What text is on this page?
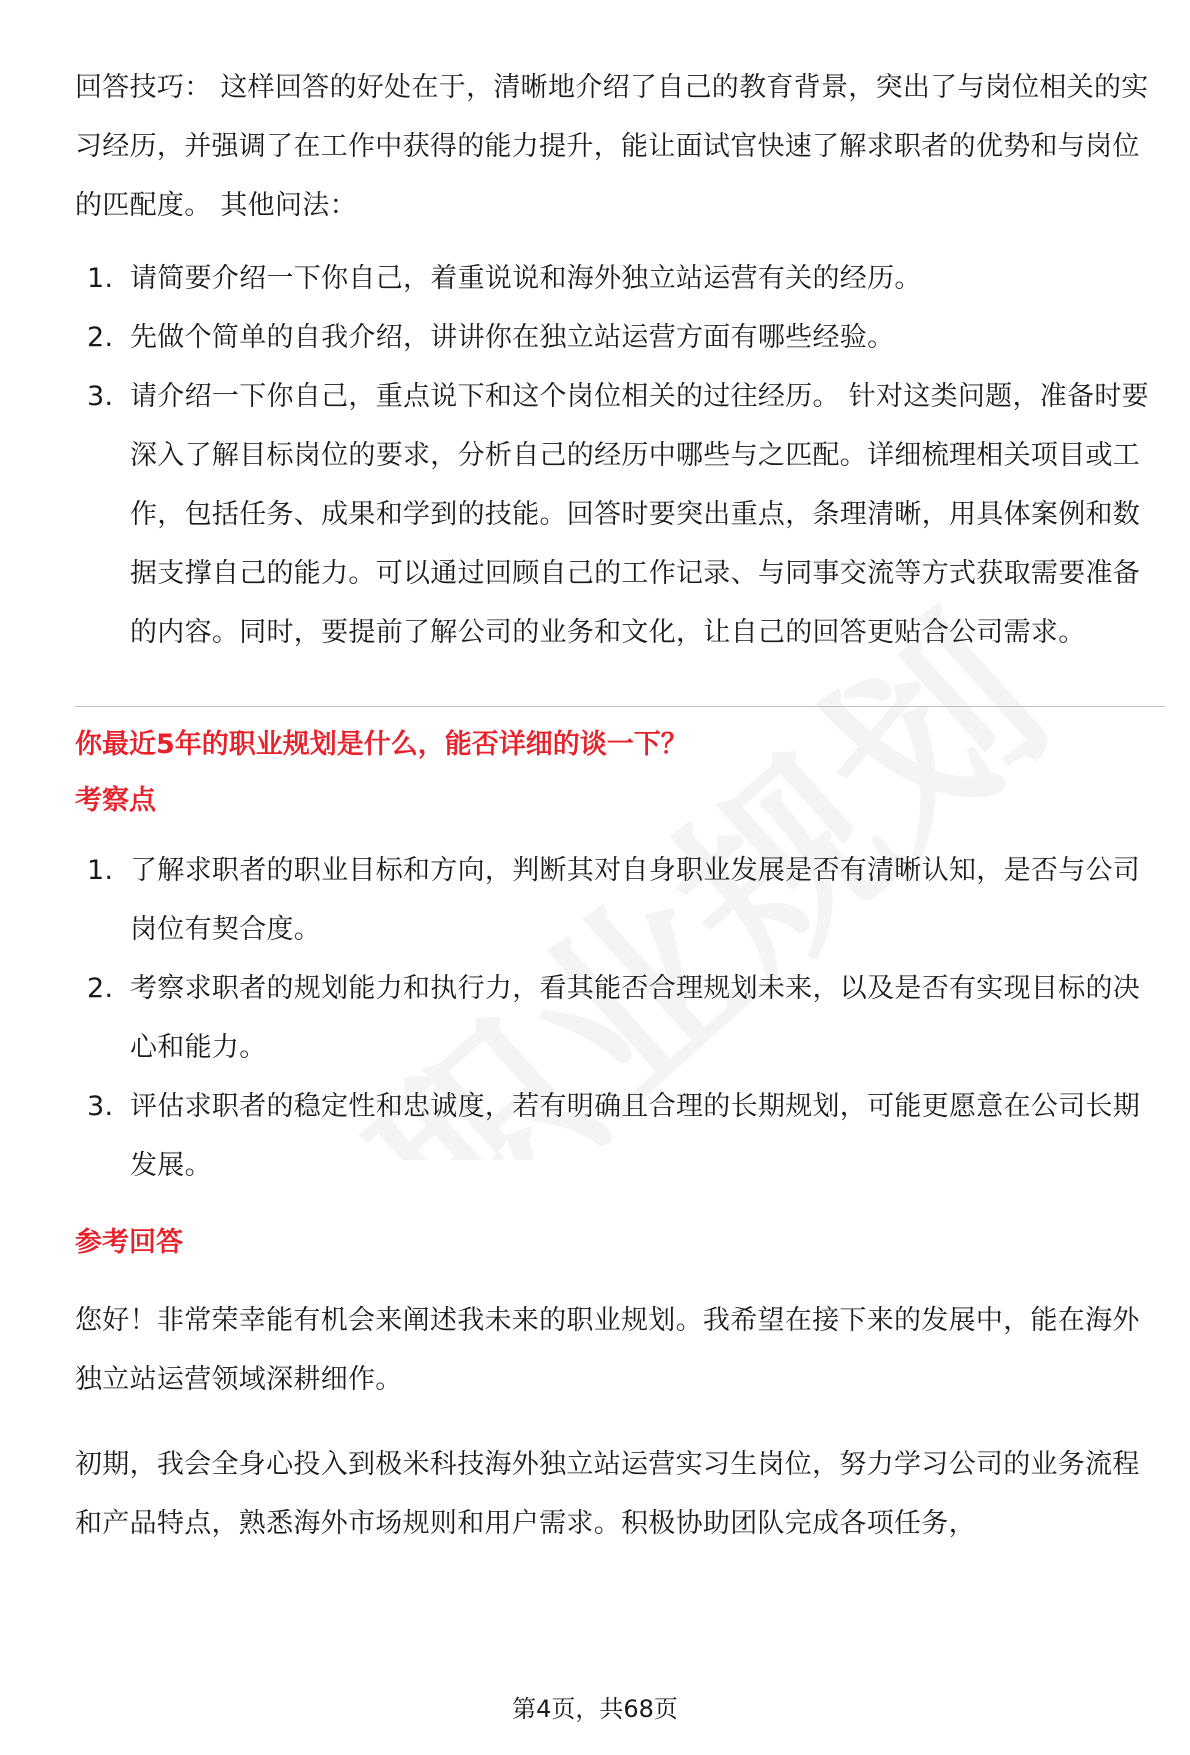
回答技巧： 这样回答的好处在于，清晰地介绍了自己的教育背景，突出了与岗位相关的实习经历，并强调了在工作中获得的能力提升，能让面试官快速了解求职者的优势和与岗位的匹配度。 其他问法：

1. 请简要介绍一下你自己，着重说说和海外独立站运营有关的经历。
2. 先做个简单的自我介绍，讲讲你在独立站运营方面有哪些经验。
3. 请介绍一下你自己，重点说下和这个岗位相关的过往经历。 针对这类问题，准备时要深入了解目标岗位的要求，分析自己的经历中哪些与之匹配。详细梳理相关项目或工作，包括任务、成果和学到的技能。回答时要突出重点，条理清晰，用具体案例和数据支撑自己的能力。可以通过回顾自己的工作记录、与同事交流等方式获取需要准备的内容。同时，要提前了解公司的业务和文化，让自己的回答更贴合公司需求。

你最近5年的职业规划是什么，能否详细的谈一下？

考察点

1. 了解求职者的职业目标和方向，判断其对自身职业发展是否有清晰认知，是否与公司岗位有契合度。
2. 考察求职者的规划能力和执行力，看其能否合理规划未来，以及是否有实现目标的决心和能力。
3. 评估求职者的稳定性和忠诚度，若有明确且合理的长期规划，可能更愿意在公司长期发展。

参考回答

您好！非常荣幸能有机会来阐述我未来的职业规划。我希望在接下来的发展中，能在海外独立站运营领域深耕细作。

初期，我会全身心投入到极米科技海外独立站运营实习生岗位，努力学习公司的业务流程和产品特点，熟悉海外市场规则和用户需求。积极协助团队完成各项任务，

第4页，共68页
